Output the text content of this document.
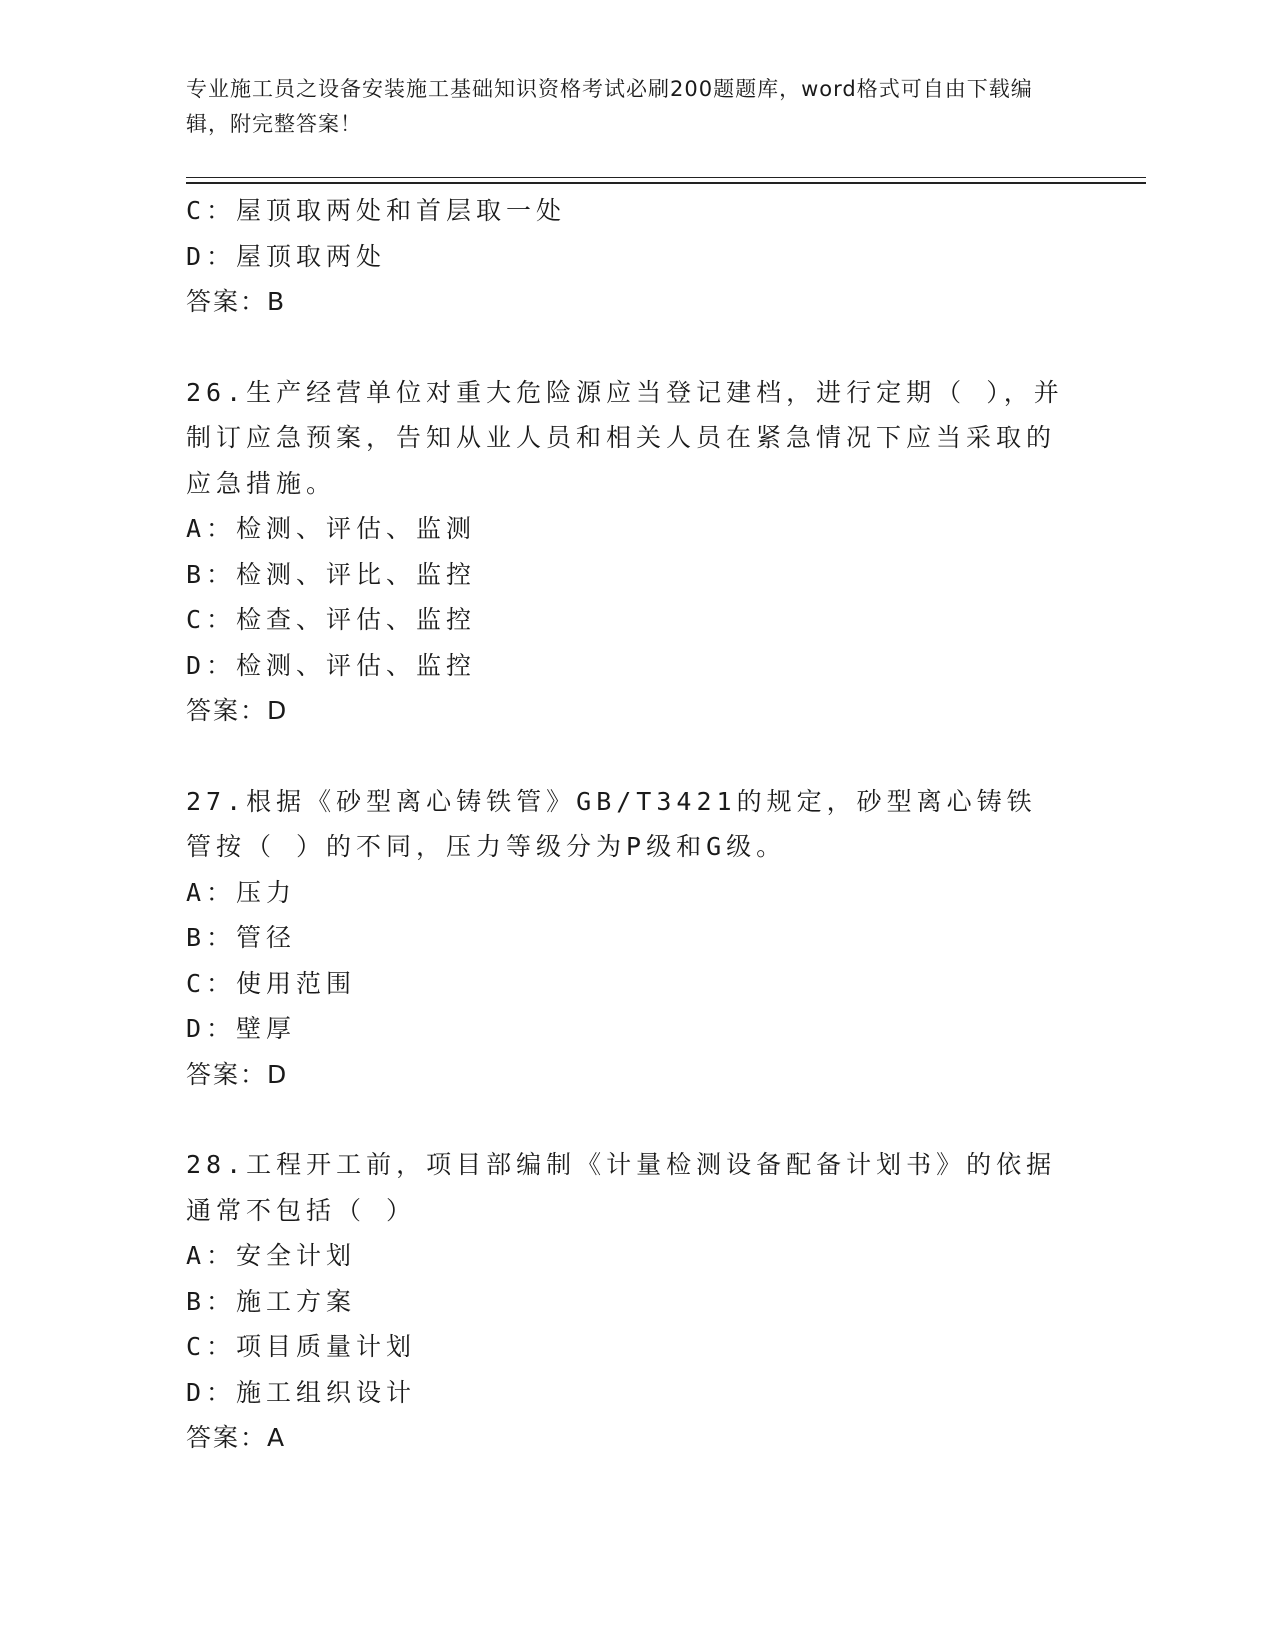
专业施工员之设备安装施工基础知识资格考试必刷200题题库，word格式可自由下载编辑，附完整答案！

C：屋顶取两处和首层取一处

D：屋顶取两处

答案：B

26.生产经营单位对重大危险源应当登记建档，进行定期（ ），并制订应急预案，告知从业人员和相关人员在紧急情况下应当采取的应急措施。

A：检测、评估、监测

B：检测、评比、监控

C：检查、评估、监控

D：检测、评估、监控

答案：D

27.根据《砂型离心铸铁管》GB/T3421的规定，砂型离心铸铁管按（ ）的不同，压力等级分为P级和G级。

A：压力

B：管径

C：使用范围

D：壁厚

答案：D

28.工程开工前，项目部编制《计量检测设备配备计划书》的依据通常不包括（ ）

A：安全计划

B：施工方案

C：项目质量计划

D：施工组织设计

答案：A
